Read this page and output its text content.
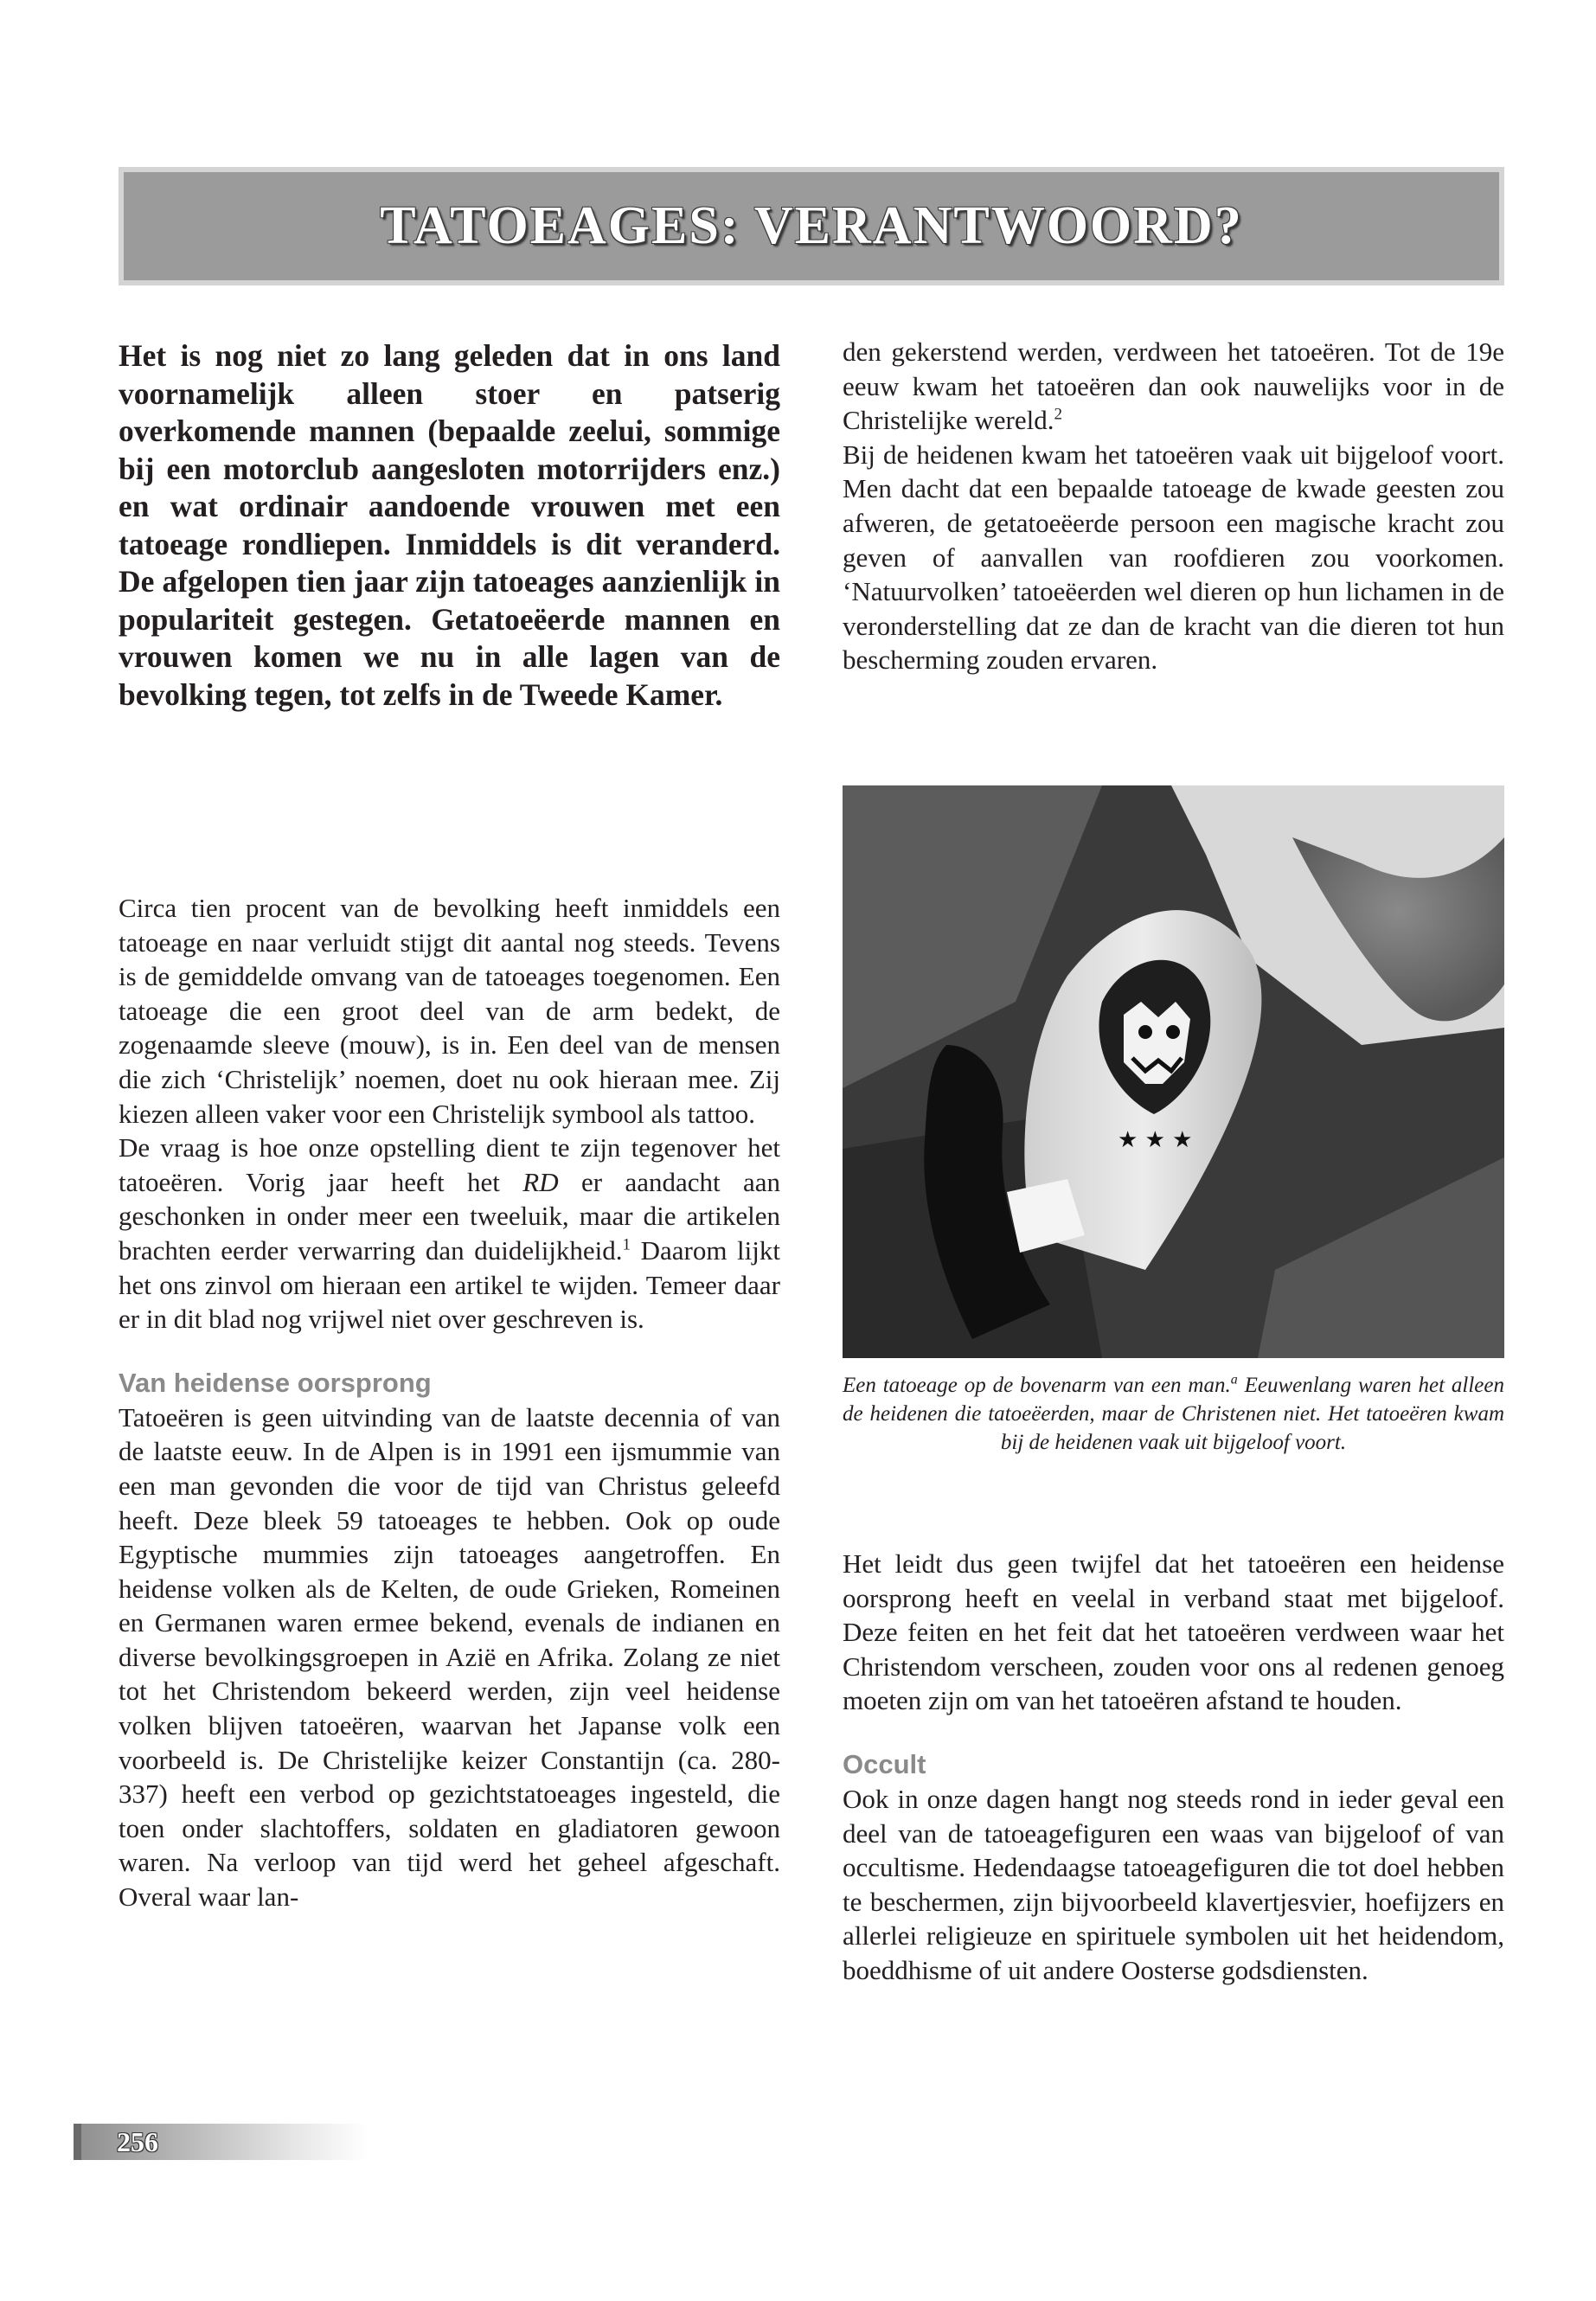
TATOEAGES: VERANTWOORD?

Het is nog niet zo lang geleden dat in ons land voornamelijk alleen stoer en patserig overkomende mannen (bepaalde zeelui, sommige bij een motorclub aangesloten motorrijders enz.) en wat ordinair aandoende vrouwen met een tatoeage rondliepen. Inmiddels is dit veranderd. De afgelopen tien jaar zijn tatoeages aanzienlijk in populariteit gestegen. Getatoeëerde mannen en vrouwen komen we nu in alle lagen van de bevolking tegen, tot zelfs in de Tweede Kamer.

Circa tien procent van de bevolking heeft inmiddels een tatoeage en naar verluidt stijgt dit aantal nog steeds. Tevens is de gemiddelde omvang van de tatoeages toegenomen. Een tatoeage die een groot deel van de arm bedekt, de zogenaamde sleeve (mouw), is in. Een deel van de mensen die zich ‘Christelijk’ noemen, doet nu ook hieraan mee. Zij kiezen alleen vaker voor een Christelijk symbool als tattoo.

De vraag is hoe onze opstelling dient te zijn tegenover het tatoeëren. Vorig jaar heeft het RD er aandacht aan geschonken in onder meer een tweeluik, maar die artikelen brachten eerder verwarring dan duidelijkheid.$^1$ Daarom lijkt het ons zinvol om hieraan een artikel te wijden. Temeer daar er in dit blad nog vrijwel niet over geschreven is.

Van heidense oorsprong

Tatoeëren is geen uitvinding van de laatste decennia of van de laatste eeuw. In de Alpen is in 1991 een ijsmummie van een man gevonden die voor de tijd van Christus geleefd heeft. Deze bleek 59 tatoeages te hebben. Ook op oude Egyptische mummies zijn tatoeages aangetroffen. En heidense volken als de Kelten, de oude Grieken, Romeinen en Germanen waren ermee bekend, evenals de indianen en diverse bevolkingsgroepen in Azië en Afrika. Zolang ze niet tot het Christendom bekeerd werden, zijn veel heidense volken blijven tatoeëren, waarvan het Japanse volk een voorbeeld is. De Christelijke keizer Constantijn (ca. 280-337) heeft een verbod op gezichtstatoeages ingesteld, die toen onder slachtoffers, soldaten en gladiatoren gewoon waren. Na verloop van tijd werd het geheel afgeschaft. Overal waar lan-

den gekerstend werden, verdween het tatoeëren. Tot de 19e eeuw kwam het tatoeëren dan ook nauwelijks voor in de Christelijke wereld.$^2$

Bij de heidenen kwam het tatoeëren vaak uit bijgeloof voort. Men dacht dat een bepaalde tatoeage de kwade geesten zou afweren, de getatoeëerde persoon een magische kracht zou geven of aanvallen van roofdieren zou voorkomen. ‘Natuurvolken’ tatoeëerden wel dieren op hun lichamen in de veronderstelling dat ze dan de kracht van die dieren tot hun bescherming zouden ervaren.

★ ★ ★

Een tatoeage op de bovenarm van een man.$^a$ Eeuwenlang waren het alleen de heidenen die tatoeëerden, maar de Christenen niet. Het tatoeëren kwam bij de heidenen vaak uit bijgeloof voort.

Het leidt dus geen twijfel dat het tatoeëren een heidense oorsprong heeft en veelal in verband staat met bijgeloof. Deze feiten en het feit dat het tatoeëren verdween waar het Christendom verscheen, zouden voor ons al redenen genoeg moeten zijn om van het tatoeëren afstand te houden.

Occult

Ook in onze dagen hangt nog steeds rond in ieder geval een deel van de tatoeagefiguren een waas van bijgeloof of van occultisme. Hedendaagse tatoeagefiguren die tot doel hebben te beschermen, zijn bijvoorbeeld klavertjesvier, hoefijzers en allerlei religieuze en spirituele symbolen uit het heidendom, boeddhisme of uit andere Oosterse godsdiensten.

256
